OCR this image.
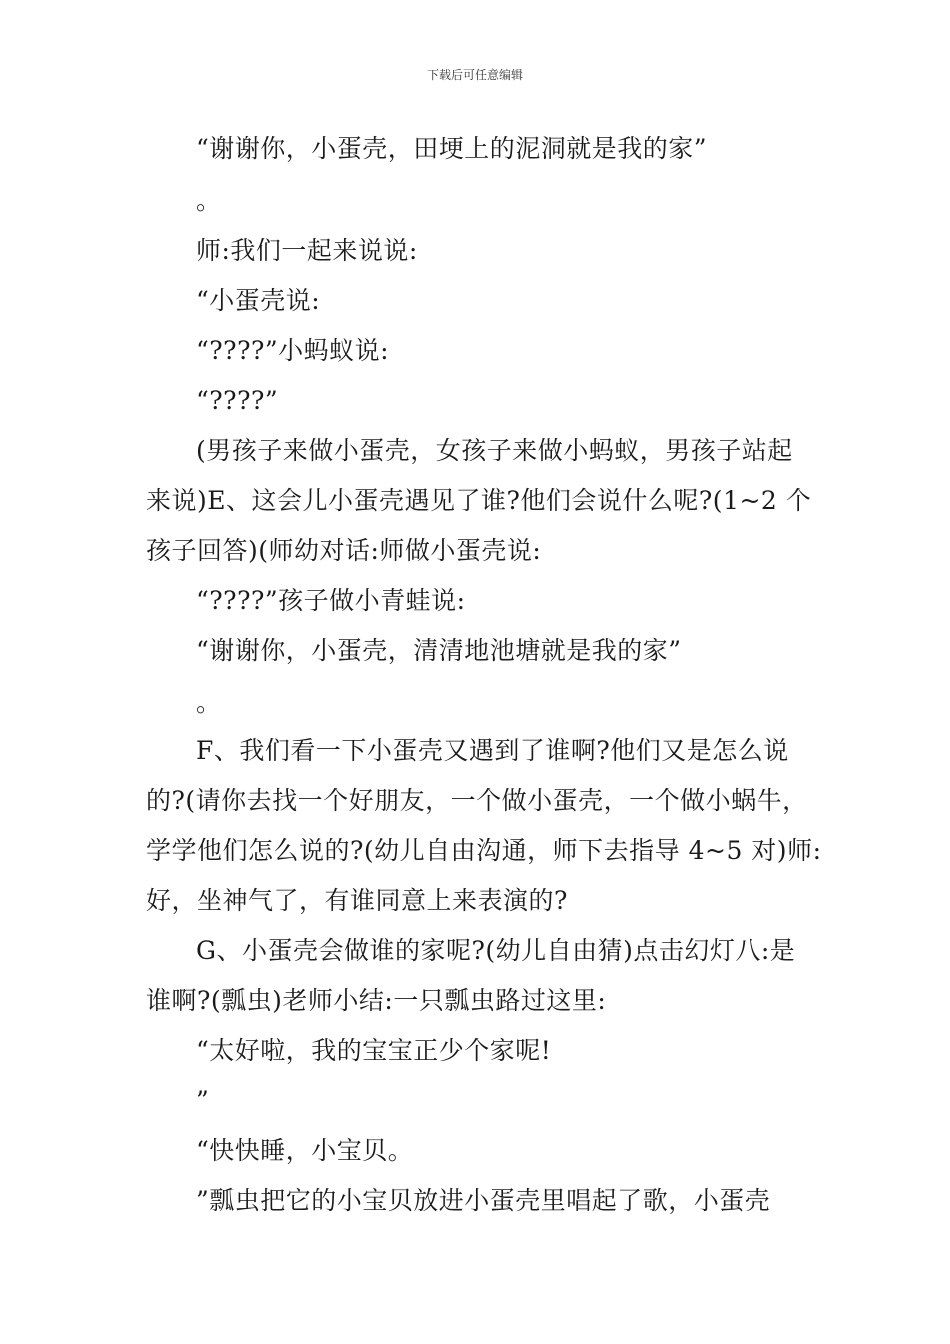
下载后可任意编辑
“谢谢你，小蛋壳，田埂上的泥洞就是我的家”
。
师:我们一起来说说:
“小蛋壳说:
“????”小蚂蚁说:
“????”
(男孩子来做小蛋壳，女孩子来做小蚂蚁，男孩子站起
来说)E、这会儿小蛋壳遇见了谁?他们会说什么呢?(1~2 个
孩子回答)(师幼对话:师做小蛋壳说:
“????”孩子做小青蛙说:
“谢谢你，小蛋壳，清清地池塘就是我的家”
。
F、我们看一下小蛋壳又遇到了谁啊?他们又是怎么说
的?(请你去找一个好朋友，一个做小蛋壳，一个做小蜗牛，
学学他们怎么说的?(幼儿自由沟通，师下去指导 4~5 对)师:
好，坐神气了，有谁同意上来表演的?
G、小蛋壳会做谁的家呢?(幼儿自由猜)点击幻灯八:是
谁啊?(瓢虫)老师小结:一只瓢虫路过这里:
“太好啦，我的宝宝正少个家呢!
”
“快快睡，小宝贝。
”瓢虫把它的小宝贝放进小蛋壳里唱起了歌，小蛋壳
